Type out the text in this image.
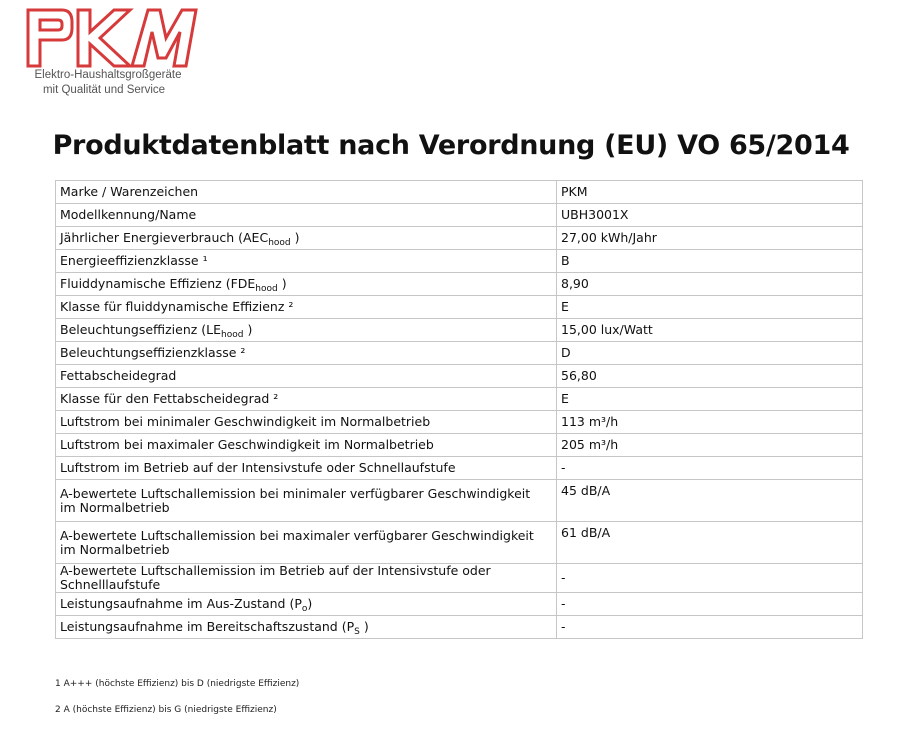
Elektro-Haushaltsgroßgeräte
mit Qualität und Service
Produktdatenblatt nach Verordnung (EU) VO 65/2014
Marke / Warenzeichen	PKM
Modellkennung/Name	UBH3001X
Jährlicher Energieverbrauch ($AEC_{hood}$ )	27,00 kWh/Jahr
Energieeffizienzklasse ¹	B
Fluiddynamische Effizienz ($FDE_{hood}$ )	8,90
Klasse für fluiddynamische Effizienz ²	E
Beleuchtungseffizienz ($LE_{hood}$ )	15,00 lux/Watt
Beleuchtungseffizienzklasse ²	D
Fettabscheidegrad	56,80
Klasse für den Fettabscheidegrad ²	E
Luftstrom bei minimaler Geschwindigkeit im Normalbetrieb	113 m³/h
Luftstrom bei maximaler Geschwindigkeit im Normalbetrieb	205 m³/h
Luftstrom im Betrieb auf der Intensivstufe oder Schnellaufstufe	-

A-bewertete Luftschallemission bei minimaler verfügbarer Geschwindigkeit
im Normalbetrieb	45 dB/A

A-bewertete Luftschallemission bei maximaler verfügbarer Geschwindigkeit
im Normalbetrieb	61 dB/A
A-bewertete Luftschallemission im Betrieb auf der Intensivstufe oder Schnelllaufstufe	-
Leistungsaufnahme im Aus-Zustand $(P_o)$	-
Leistungsaufnahme im Bereitschaftszustand ($P_S$ )	-
1 A+++ (höchste Effizienz) bis D (niedrigste Effizienz)
2 A (höchste Effizienz) bis G (niedrigste Effizienz)
